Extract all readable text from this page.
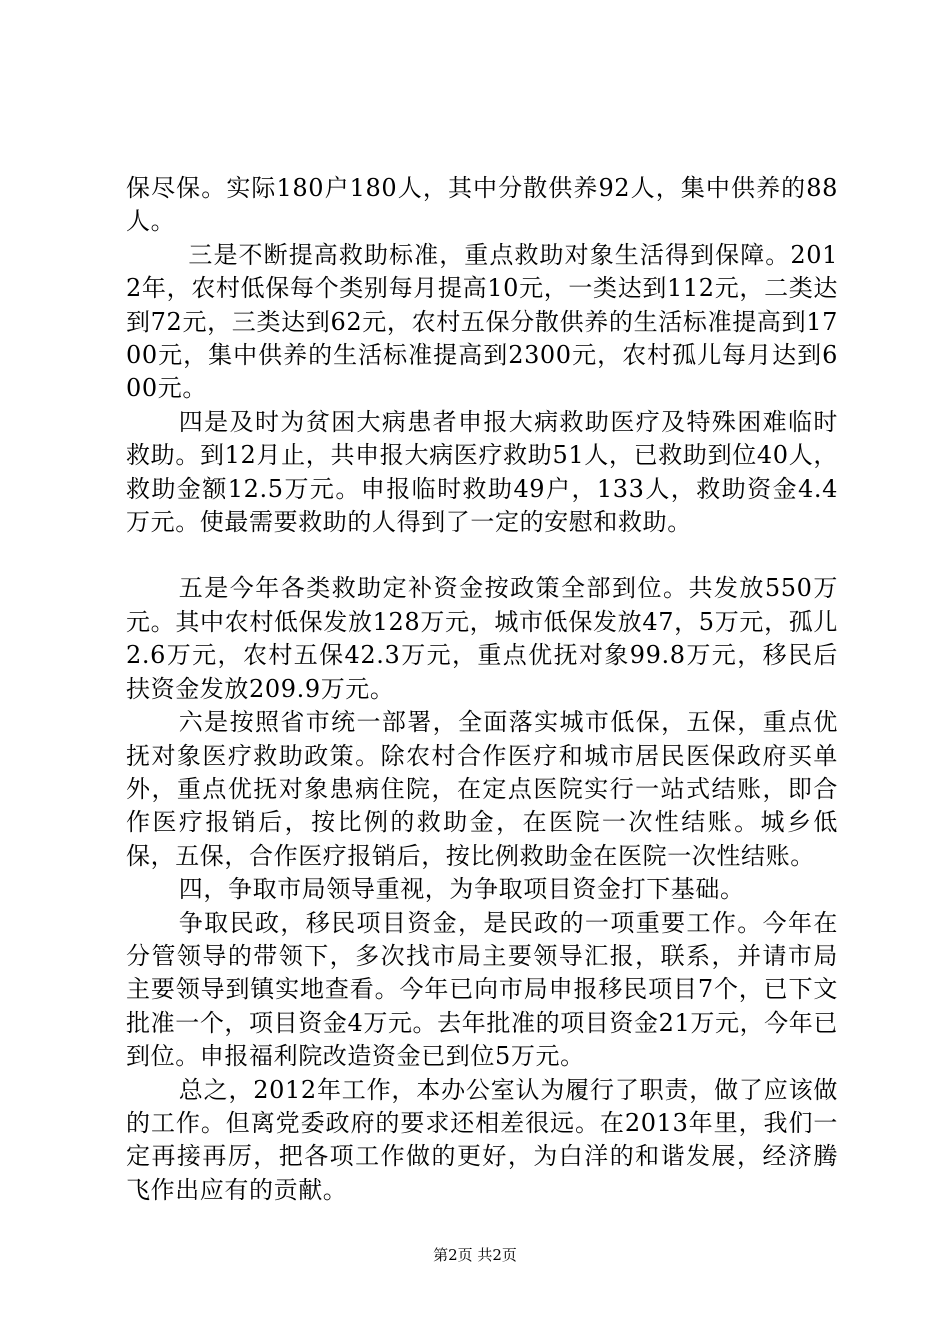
保尽保。实际180户180人，其中分散供养92人，集中供养的88人。

三是不断提高救助标准，重点救助对象生活得到保障。2012年，农村低保每个类别每月提高10元，一类达到112元，二类达到72元，三类达到62元，农村五保分散供养的生活标准提高到1700元，集中供养的生活标准提高到2300元，农村孤儿每月达到600元。

四是及时为贫困大病患者申报大病救助医疗及特殊困难临时救助。到12月止，共申报大病医疗救助51人，已救助到位40人，救助金额12.5万元。申报临时救助49户，133人，救助资金4.4万元。使最需要救助的人得到了一定的安慰和救助。

五是今年各类救助定补资金按政策全部到位。共发放550万元。其中农村低保发放128万元，城市低保发放47，5万元，孤儿2.6万元，农村五保42.3万元，重点优抚对象99.8万元，移民后扶资金发放209.9万元。

六是按照省市统一部署，全面落实城市低保，五保，重点优抚对象医疗救助政策。除农村合作医疗和城市居民医保政府买单外，重点优抚对象患病住院，在定点医院实行一站式结账，即合作医疗报销后，按比例的救助金，在医院一次性结账。城乡低保，五保，合作医疗报销后，按比例救助金在医院一次性结账。

四，争取市局领导重视，为争取项目资金打下基础。

争取民政，移民项目资金，是民政的一项重要工作。今年在分管领导的带领下，多次找市局主要领导汇报，联系，并请市局主要领导到镇实地查看。今年已向市局申报移民项目7个，已下文批准一个，项目资金4万元。去年批准的项目资金21万元，今年已到位。申报福利院改造资金已到位5万元。

总之，2012年工作，本办公室认为履行了职责，做了应该做的工作。但离党委政府的要求还相差很远。在2013年里，我们一定再接再厉，把各项工作做的更好，为白洋的和谐发展，经济腾飞作出应有的贡献。

第2页 共2页
